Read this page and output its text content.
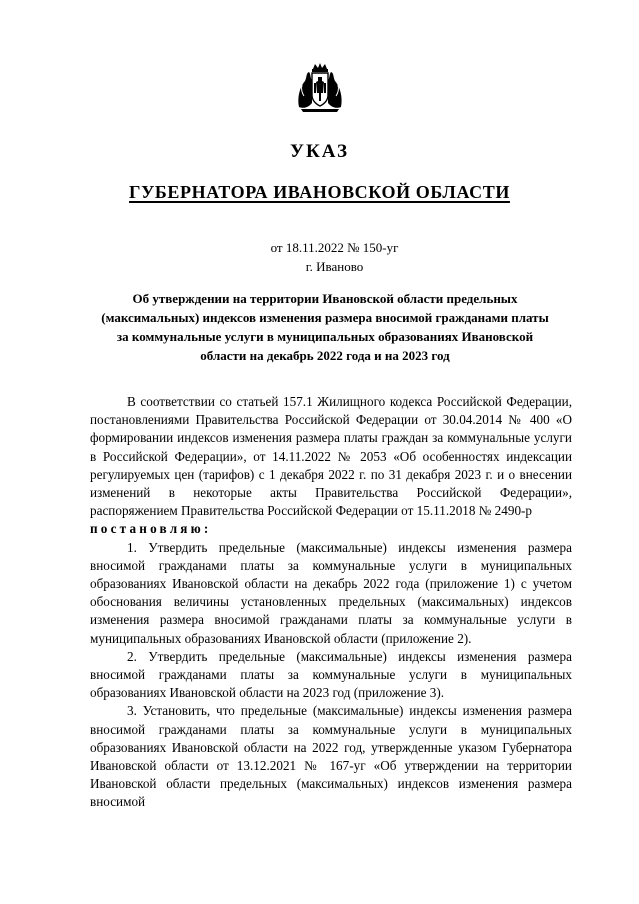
УКАЗ
ГУБЕРНАТОРА ИВАНОВСКОЙ ОБЛАСТИ
от 18.11.2022 № 150-уг
г. Иваново
Об утверждении на территории Ивановской области предельных (максимальных) индексов изменения размера вносимой гражданами платы за коммунальные услуги в муниципальных образованиях Ивановской области на декабрь 2022 года и на 2023 год

В соответствии со статьей 157.1 Жилищного кодекса Российской Федерации, постановлениями Правительства Российской Федерации от 30.04.2014 № 400 «О формировании индексов изменения размера платы граждан за коммунальные услуги в Российской Федерации», от 14.11.2022 № 2053 «Об особенностях индексации регулируемых цен (тарифов) с 1 декабря 2022 г. по 31 декабря 2023 г. и о внесении изменений в некоторые акты Правительства Российской Федерации», распоряжением Правительства Российской Федерации от 15.11.2018 № 2490-р
постановляю:

1. Утвердить предельные (максимальные) индексы изменения размера вносимой гражданами платы за коммунальные услуги в муниципальных образованиях Ивановской области на декабрь 2022 года (приложение 1) с учетом обоснования величины установленных предельных (максимальных) индексов изменения размера вносимой гражданами платы за коммунальные услуги в муниципальных образованиях Ивановской области (приложение 2).

2. Утвердить предельные (максимальные) индексы изменения размера вносимой гражданами платы за коммунальные услуги в муниципальных образованиях Ивановской области на 2023 год (приложение 3).

3. Установить, что предельные (максимальные) индексы изменения размера вносимой гражданами платы за коммунальные услуги в муниципальных образованиях Ивановской области на 2022 год, утвержденные указом Губернатора Ивановской области от 13.12.2021 № 167-уг «Об утверждении на территории Ивановской области предельных (максимальных) индексов изменения размера вносимой
